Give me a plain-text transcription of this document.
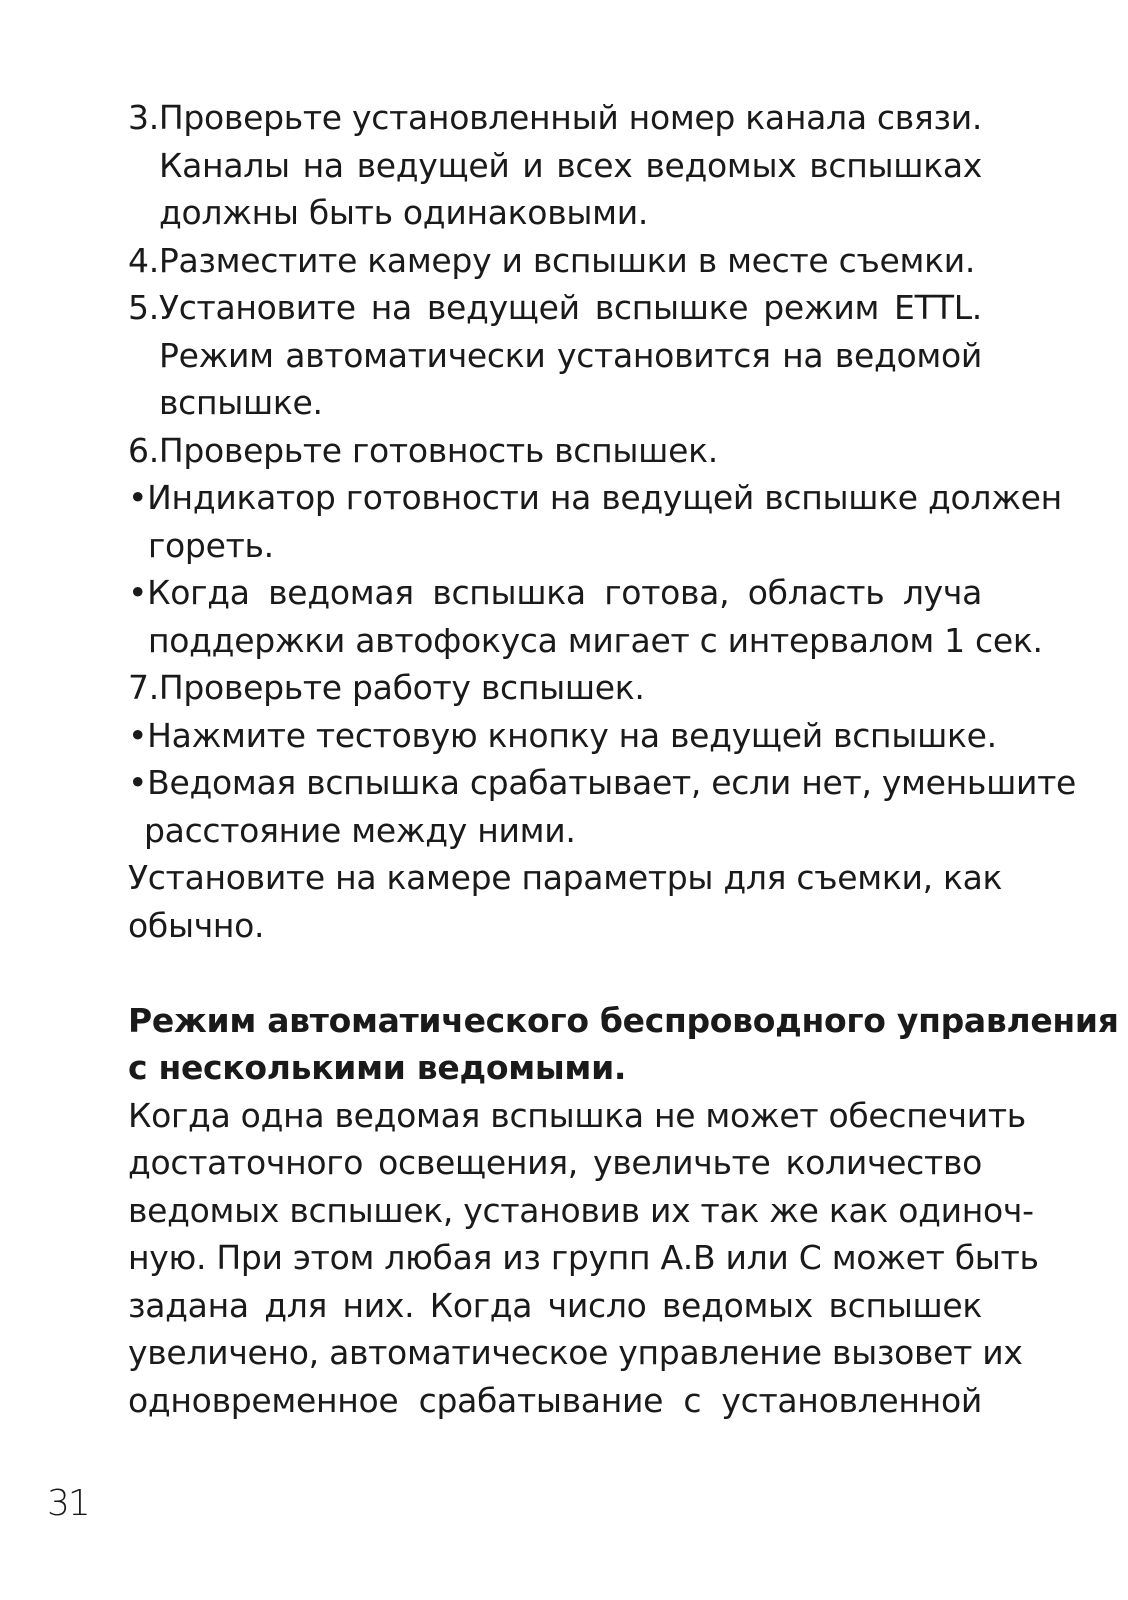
3.Проверьте установленный номер канала связи.
Каналы на ведущей и всех ведомых вспышках
должны быть одинаковыми.
4.Разместите камеру и вспышки в месте съемки.
5.Установите на ведущей вспышке режим ETTL.
Режим автоматически установится на ведомой
вспышке.
6.Проверьте готовность вспышек.
•Индикатор готовности на ведущей вспышке должен
гореть.
•Когда ведомая вспышка готова, область луча
поддержки автофокуса мигает с интервалом 1 сек.
7.Проверьте работу вспышек.
•Нажмите тестовую кнопку на ведущей вспышке.
•Ведомая вспышка срабатывает, если нет, уменьшите
расстояние между ними.
Установите на камере параметры для съемки, как
обычно.
Режим автоматического беспроводного управления
с несколькими ведомыми.
Когда одна ведомая вспышка не может обеспечить
достаточного освещения, увеличьте количество
ведомых вспышек, установив их так же как одиноч-
ную. При этом любая из групп А.В или С может быть
задана для них. Когда число ведомых вспышек
увеличено, автоматическое управление вызовет их
одновременное срабатывание с установленной
31
